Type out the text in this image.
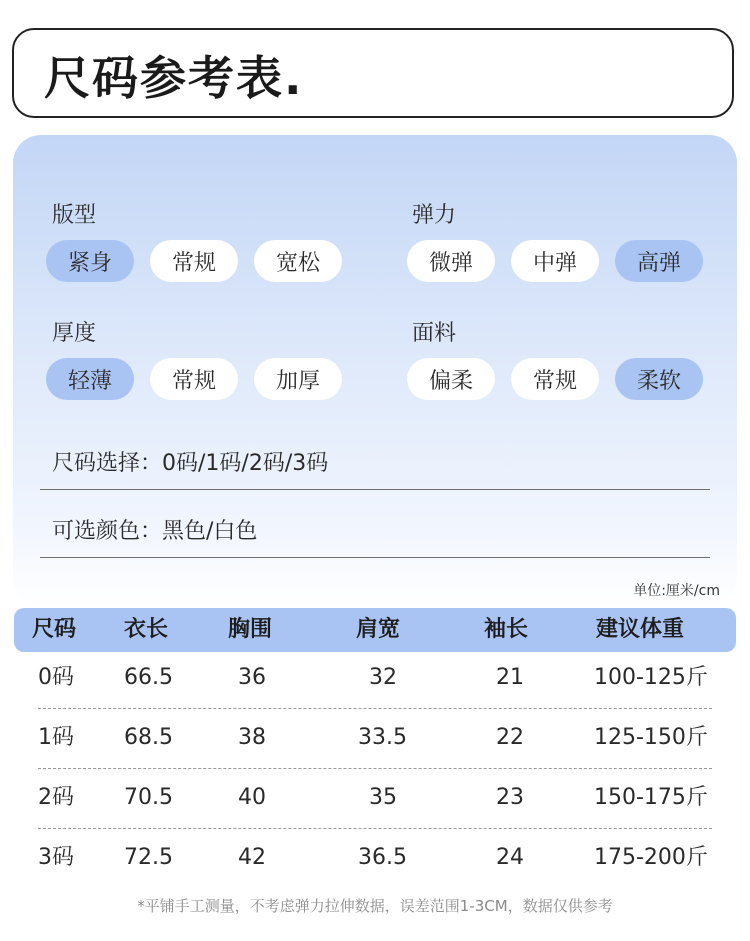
尺码参考表.
版型
紧身	常规	宽松
弹力
微弹	中弹	高弹
厚度
轻薄	常规	加厚
面料
偏柔	常规	柔软
尺码选择：0码/1码/2码/3码
可选颜色：黑色/白色
单位:厘米/cm
尺码 衣长	胸围	肩宽	袖长	建议体重
0码 66.5	36	32	21	100-125斤
1码 68.5	38	33.5	22	125-150斤
2码 70.5	40	35	23	150-175斤
3码 72.5	42	36.5	24	175-200斤
*平铺手工测量，不考虑弹力拉伸数据，误差范围1-3CM，数据仅供参考
